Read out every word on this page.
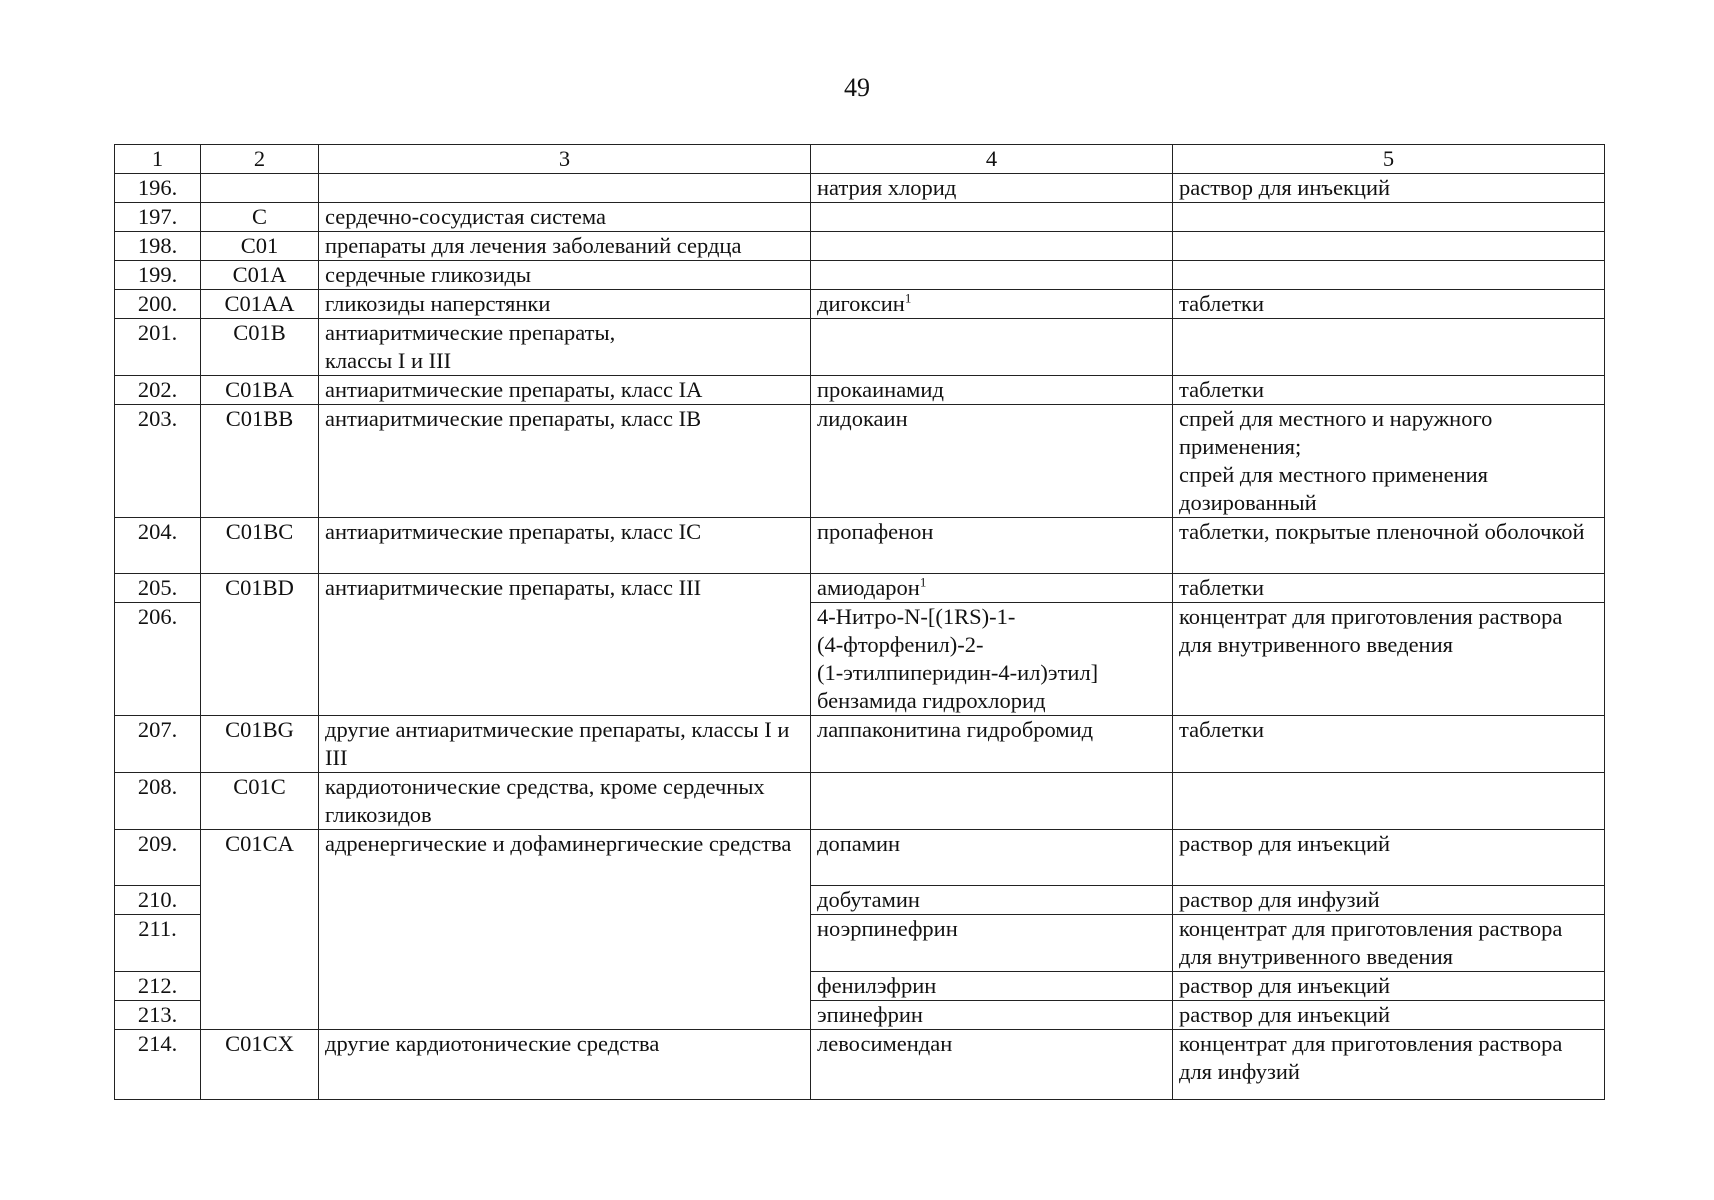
49
1	2	3	4	5
196.			натрия хлорид	раствор для инъекций
197.	C	сердечно-сосудистая система		
198.	C01	препараты для лечения заболеваний сердца		
199.	C01A	сердечные гликозиды		
200.	C01AA	гликозиды наперстянки	дигоксин$^1$	таблетки
201.	C01B	антиаритмические препараты,
классы I и III		
202.	C01BA	антиаритмические препараты, класс IA	прокаинамид	таблетки
203.	C01BB	антиаритмические препараты, класс IB	лидокаин	спрей для местного и наружного применения;
спрей для местного применения дозированный
204.	C01BC	антиаритмические препараты, класс IC	пропафенон	таблетки, покрытые пленочной оболочкой
205.	C01BD	антиаритмические препараты, класс III	амиодарон$^1$	таблетки
206.			4-Нитро-N-[(1RS)-1-
(4-фторфенил)-2-
(1-этилпиперидин-4-ил)этил]
бензамида гидрохлорид	концентрат для приготовления раствора для внутривенного введения
207.	C01BG	другие антиаритмические препараты, классы I и III	лаппаконитина гидробромид	таблетки
208.	C01C	кардиотонические средства, кроме сердечных гликозидов		
209.	C01CA	адренергические и дофаминергические средства	допамин	раствор для инъекций
210.			добутамин	раствор для инфузий
211.			ноэрпинефрин	концентрат для приготовления раствора для внутривенного введения
212.			фенилэфрин	раствор для инъекций
213.			эпинефрин	раствор для инъекций
214.	C01CX	другие кардиотонические средства	левосимендан	концентрат для приготовления раствора для инфузий
